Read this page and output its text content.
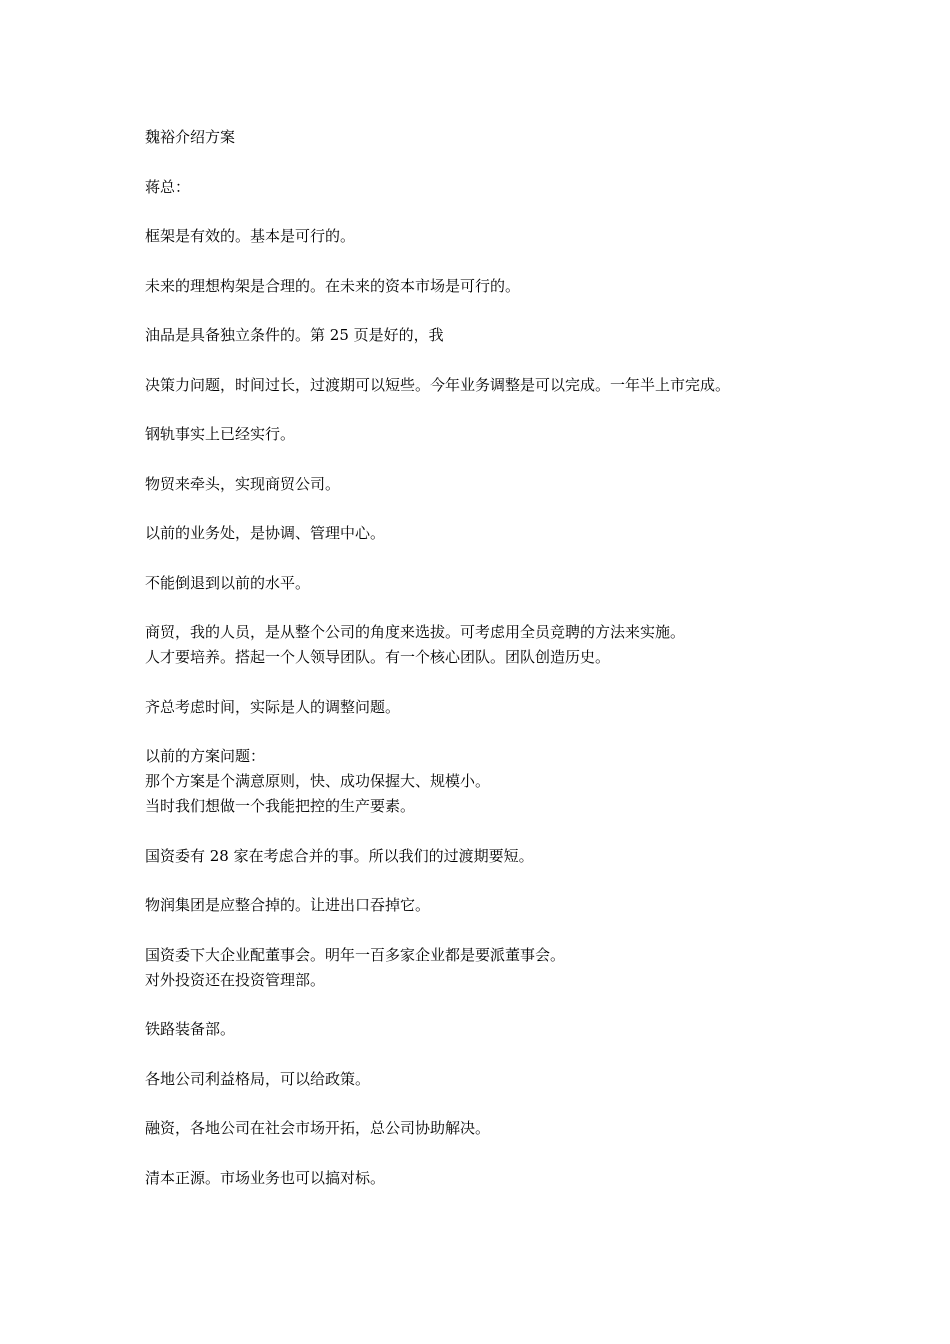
魏裕介绍方案
蒋总：
框架是有效的。基本是可行的。
未来的理想构架是合理的。在未来的资本市场是可行的。
油品是具备独立条件的。第 25 页是好的，我
决策力问题，时间过长，过渡期可以短些。今年业务调整是可以完成。一年半上市完成。
钢轨事实上已经实行。
物贸来牵头，实现商贸公司。
以前的业务处，是协调、管理中心。
不能倒退到以前的水平。
商贸，我的人员，是从整个公司的角度来选拔。可考虑用全员竞聘的方法来实施。
人才要培养。搭起一个人领导团队。有一个核心团队。团队创造历史。
齐总考虑时间，实际是人的调整问题。
以前的方案问题：
那个方案是个满意原则，快、成功保握大、规模小。
当时我们想做一个我能把控的生产要素。
国资委有 28 家在考虑合并的事。所以我们的过渡期要短。
物润集团是应整合掉的。让进出口吞掉它。
国资委下大企业配董事会。明年一百多家企业都是要派董事会。
对外投资还在投资管理部。
铁路装备部。
各地公司利益格局，可以给政策。
融资，各地公司在社会市场开拓，总公司协助解决。
清本正源。市场业务也可以搞对标。
